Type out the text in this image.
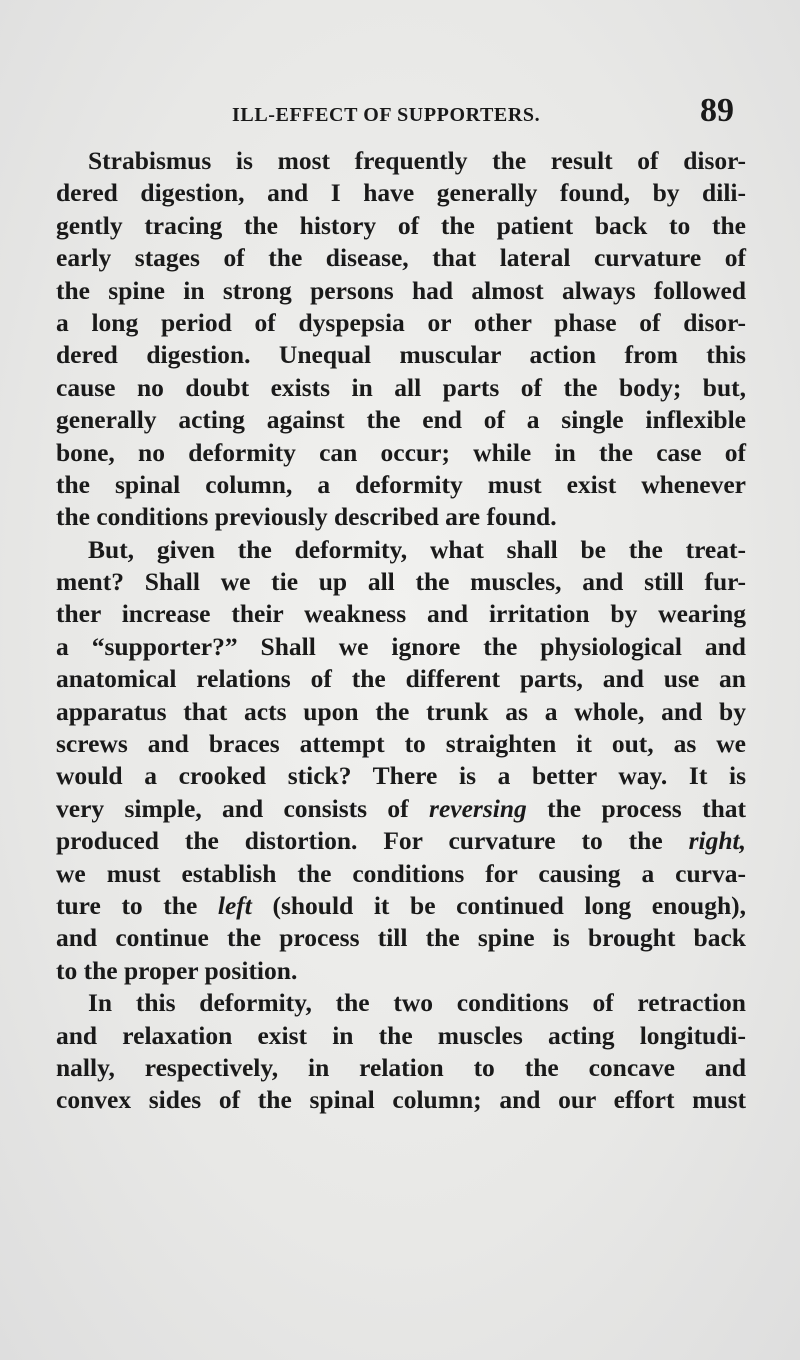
ILL-EFFECT OF SUPPORTERS.	89
Strabismus is most frequently the result of disor-
dered digestion, and I have generally found, by dili-
gently tracing the history of the patient back to the
early stages of the disease, that lateral curvature of
the spine in strong persons had almost always followed
a long period of dyspepsia or other phase of disor-
dered digestion. Unequal muscular action from this
cause no doubt exists in all parts of the body; but,
generally acting against the end of a single inflexible
bone, no deformity can occur; while in the case of
the spinal column, a deformity must exist whenever
the conditions previously described are found.
But, given the deformity, what shall be the treat-
ment? Shall we tie up all the muscles, and still fur-
ther increase their weakness and irritation by wearing
a “supporter?” Shall we ignore the physiological and
anatomical relations of the different parts, and use an
apparatus that acts upon the trunk as a whole, and by
screws and braces attempt to straighten it out, as we
would a crooked stick? There is a better way. It is
very simple, and consists of reversing the process that
produced the distortion. For curvature to the right,
we must establish the conditions for causing a curva-
ture to the left (should it be continued long enough),
and continue the process till the spine is brought back
to the proper position.
In this deformity, the two conditions of retraction
and relaxation exist in the muscles acting longitudi-
nally, respectively, in relation to the concave and
convex sides of the spinal column; and our effort must
